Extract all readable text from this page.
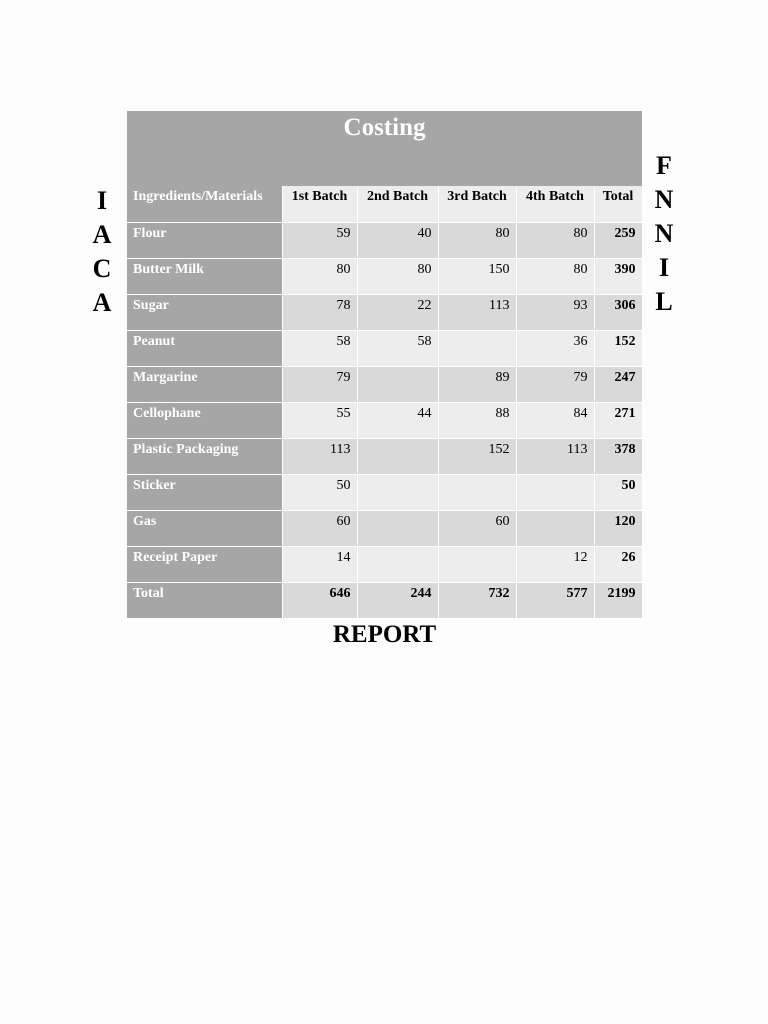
I
A
C
A
F
N
N
I
L
Costing
Ingredients/Materials	1st Batch	2nd Batch	3rd Batch	4th Batch	Total
Flour	59	40	80	80	259
Butter Milk	80	80	150	80	390
Sugar	78	22	113	93	306
Peanut	58	58		36	152
Margarine	79		89	79	247
Cellophane	55	44	88	84	271
Plastic Packaging	113		152	113	378
Sticker	50				50
Gas	60		60		120
Receipt Paper	14			12	26
Total	646	244	732	577	2199
REPORT
